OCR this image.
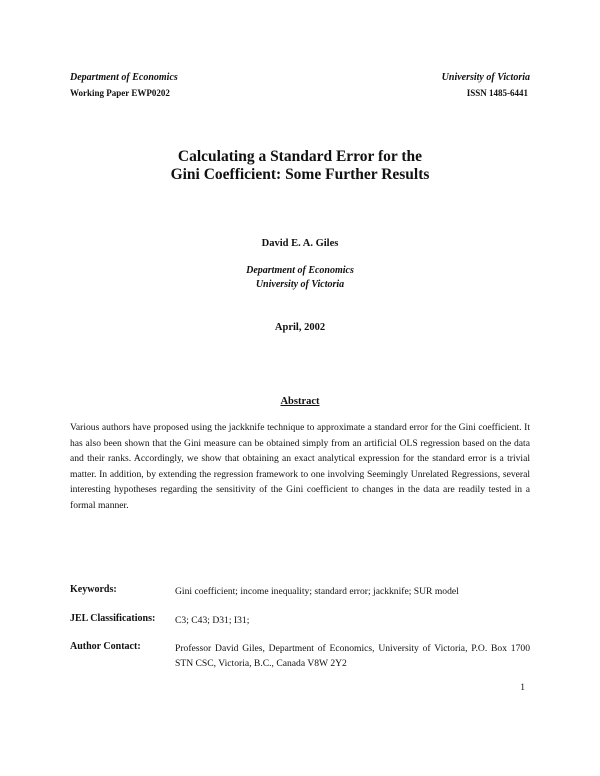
Department of Economics	University of Victoria
Working Paper EWP0202	ISSN 1485-6441
Calculating a Standard Error for the
Gini Coefficient: Some Further Results
David E. A. Giles
Department of Economics
University of Victoria
April, 2002
Abstract
Various authors have proposed using the jackknife technique to approximate a standard error for the Gini coefficient. It has also been shown that the Gini measure can be obtained simply from an artificial OLS regression based on the data and their ranks. Accordingly, we show that obtaining an exact analytical expression for the standard error is a trivial matter. In addition, by extending the regression framework to one involving Seemingly Unrelated Regressions, several interesting hypotheses regarding the sensitivity of the Gini coefficient to changes in the data are readily tested in a formal manner.
Keywords:	Gini coefficient; income inequality; standard error; jackknife; SUR model
JEL Classifications:	C3; C43; D31; I31;
Author Contact:	Professor David Giles, Department of Economics, University of Victoria, P.O. Box 1700 STN CSC, Victoria, B.C., Canada V8W 2Y2
1
